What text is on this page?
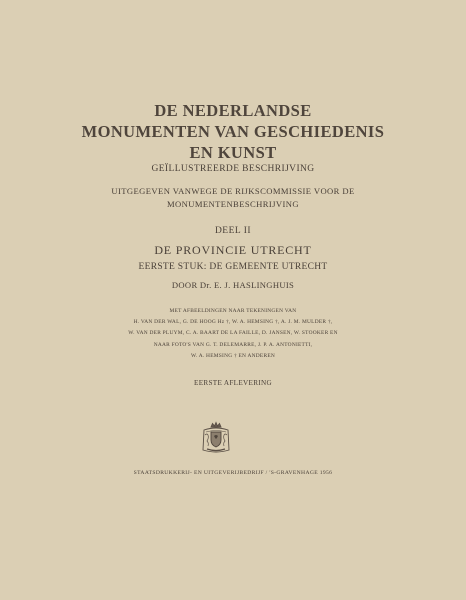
DE NEDERLANDSE
MONUMENTEN VAN GESCHIEDENIS
EN KUNST

GEÏLLUSTREERDE BESCHRIJVING

UITGEGEVEN VANWEGE DE RIJKSCOMMISSIE VOOR DE
MONUMENTENBESCHRIJVING

DEEL II

DE PROVINCIE UTRECHT

EERSTE STUK: DE GEMEENTE UTRECHT

DOOR Dr. E. J. HASLINGHUIS

MET AFBEELDINGEN NAAR TEKENINGEN VAN
H. VAN DER WAL, G. DE HOOG Hz †, W. A. HEMSING †, A. J. M. MULDER †,
W. VAN DER PLUYM, C. A. BAART DE LA FAILLE, D. JANSEN, W. STOOKER EN
NAAR FOTO'S VAN G. T. DELEMARRE, J. P. A. ANTONIETTI,
W. A. HEMSING † EN ANDEREN

EERSTE AFLEVERING

STAATSDRUKKERIJ- EN UITGEVERIJBEDRIJF / 'S-GRAVENHAGE 1956
